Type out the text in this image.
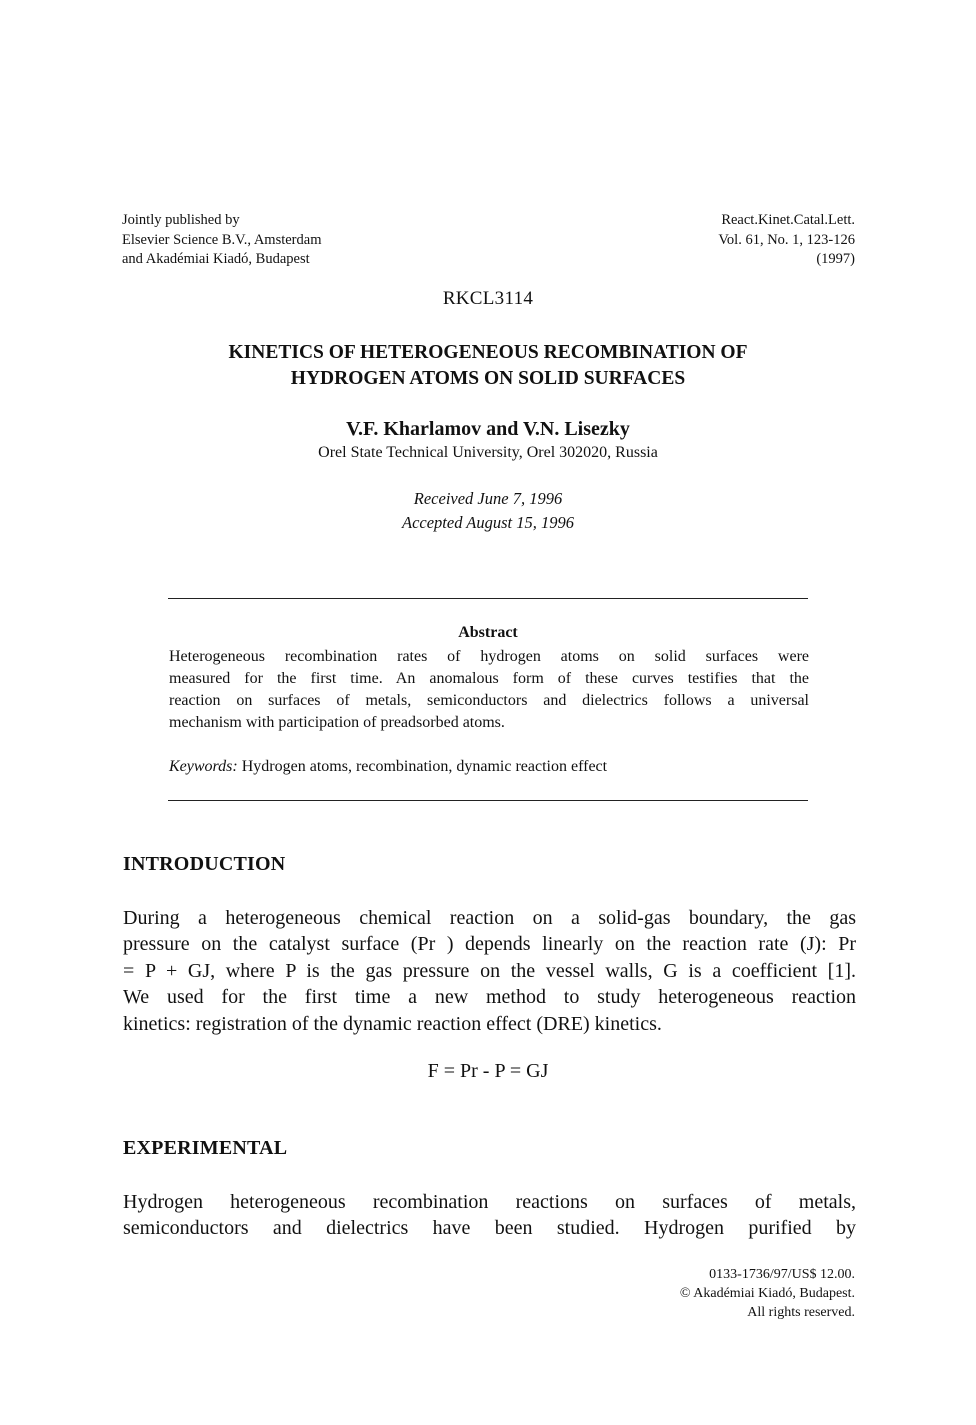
Jointly published by
Elsevier Science B.V., Amsterdam
and Akadémiai Kiadó, Budapest
React.Kinet.Catal.Lett.
Vol. 61, No. 1, 123-126
(1997)
RKCL3114
KINETICS OF HETEROGENEOUS RECOMBINATION OF
HYDROGEN ATOMS ON SOLID SURFACES
V.F. Kharlamov and V.N. Lisezky
Orel State Technical University, Orel 302020, Russia
Received June 7, 1996
Accepted August 15, 1996
Abstract
Heterogeneous recombination rates of hydrogen atoms on solid surfaces were
measured for the first time. An anomalous form of these curves testifies that the
reaction on surfaces of metals, semiconductors and dielectrics follows a universal
mechanism with participation of preadsorbed atoms.
Keywords: Hydrogen atoms, recombination, dynamic reaction effect
INTRODUCTION
During a heterogeneous chemical reaction on a solid-gas boundary, the gas
pressure on the catalyst surface (Pr ) depends linearly on the reaction rate (J): Pr
= P + GJ, where P is the gas pressure on the vessel walls, G is a coefficient [1].
We used for the first time a new method to study heterogeneous reaction
kinetics: registration of the dynamic reaction effect (DRE) kinetics.
F = Pr - P = GJ
EXPERIMENTAL
Hydrogen heterogeneous recombination reactions on surfaces of metals,
semiconductors and dielectrics have been studied. Hydrogen purified by
0133-1736/97/US$ 12.00.
© Akadémiai Kiadó, Budapest.
All rights reserved.
